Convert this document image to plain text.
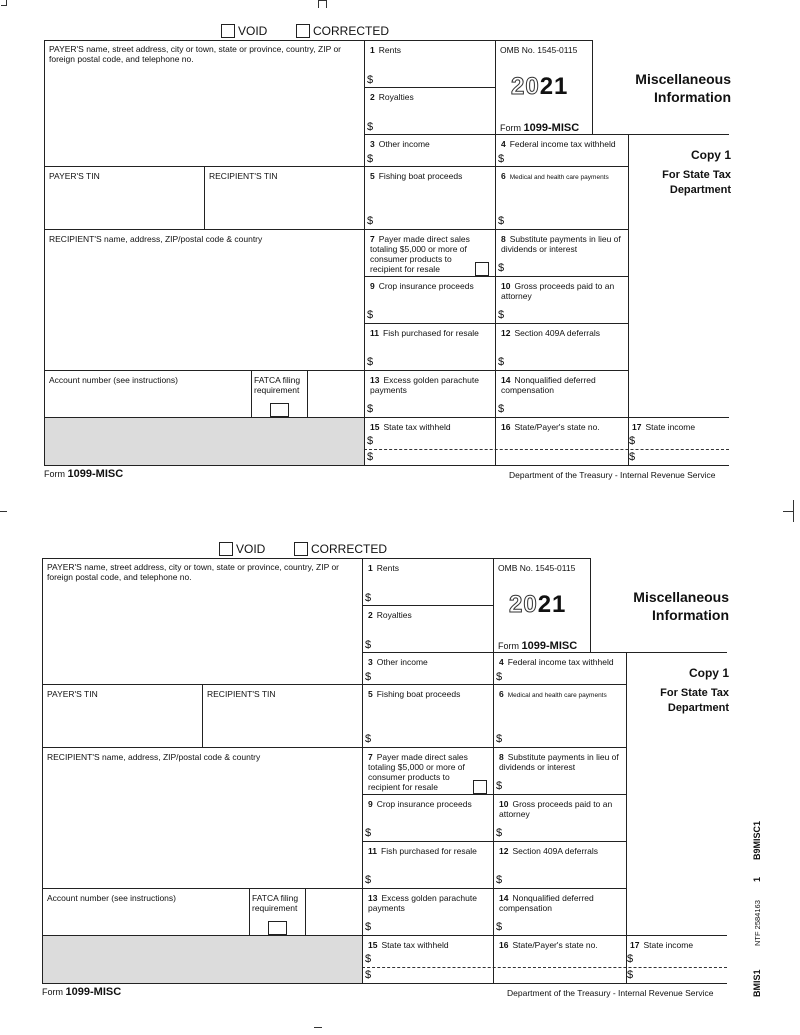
VOID	CORRECTED
PAYER'S name, street address, city or town, state or province, country, ZIP or foreign postal code, and telephone no.
PAYER'S TIN	RECIPIENT'S TIN
RECIPIENT'S name, address, ZIP/postal code & country
Account number (see instructions)	FATCA filing requirement
1 Rents
$
2 Royalties
$
OMB No. 1545-0115
2021
Form 1099-MISC
Miscellaneous Information
3 Other income
$
4 Federal income tax withheld
$	Copy 1
For State Tax Department
5 Fishing boat proceeds
$
6 Medical and health care payments
$
7 Payer made direct sales totaling $5,000 or more of consumer products to recipient for resale
8 Substitute payments in lieu of dividends or interest
$
9 Crop insurance proceeds
$
10 Gross proceeds paid to an attorney
$
11 Fish purchased for resale
$
12 Section 409A deferrals
$
13 Excess golden parachute payments
$
14 Nonqualified deferred compensation
$
15 State tax withheld
$
$
16 State/Payer's state no.	17 State income
$
$
Form 1099-MISC	Department of the Treasury - Internal Revenue Service
VOID	CORRECTED
PAYER'S name, street address, city or town, state or province, country, ZIP or foreign postal code, and telephone no.
PAYER'S TIN	RECIPIENT'S TIN
RECIPIENT'S name, address, ZIP/postal code & country
Account number (see instructions)	FATCA filing requirement
1 Rents
$
2 Royalties
$
OMB No. 1545-0115
2021
Form 1099-MISC
Miscellaneous Information
3 Other income
$
4 Federal income tax withheld
$	Copy 1
For State Tax Department
5 Fishing boat proceeds
$
6 Medical and health care payments
$
7 Payer made direct sales totaling $5,000 or more of consumer products to recipient for resale
8 Substitute payments in lieu of dividends or interest
$
9 Crop insurance proceeds
$
10 Gross proceeds paid to an attorney
$
11 Fish purchased for resale
$
12 Section 409A deferrals
$
13 Excess golden parachute payments
$
14 Nonqualified deferred compensation
$
15 State tax withheld
$
$
16 State/Payer's state no.	17 State income
$
$
Form 1099-MISC	Department of the Treasury - Internal Revenue Service
B9MISC1
1
NTF 2584163
BMIS1
